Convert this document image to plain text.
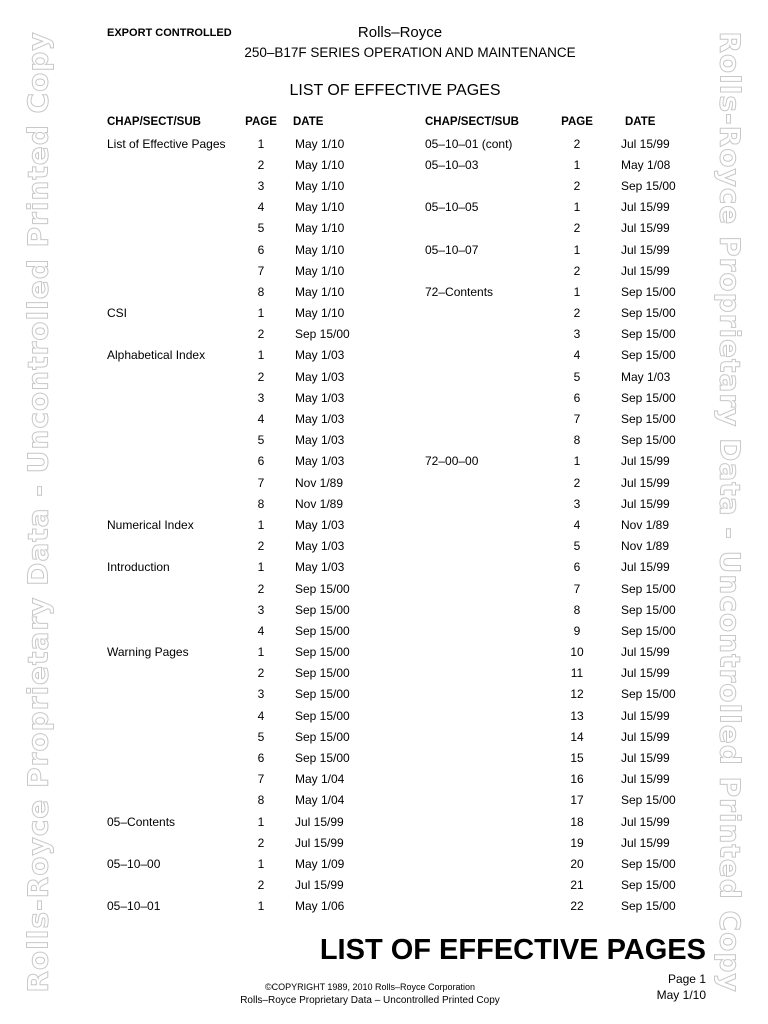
Rolls-Royce Proprietary Data - Uncontrolled Printed Copy	Rolls-Royce Proprietary Data - Uncontrolled Printed Copy
EXPORT CONTROLLED	Rolls–Royce
250–B17F SERIES OPERATION AND MAINTENANCE
LIST OF EFFECTIVE PAGES
CHAP/SECT/SUB	PAGE	DATE
List of Effective Pages	1	May 1/10
	2	May 1/10
	3	May 1/10
	4	May 1/10
	5	May 1/10
	6	May 1/10
	7	May 1/10
	8	May 1/10
CSI	1	May 1/10
	2	Sep 15/00
Alphabetical Index	1	May 1/03
	2	May 1/03
	3	May 1/03
	4	May 1/03
	5	May 1/03
	6	May 1/03
	7	Nov 1/89
	8	Nov 1/89
Numerical Index	1	May 1/03
	2	May 1/03
Introduction	1	May 1/03
	2	Sep 15/00
	3	Sep 15/00
	4	Sep 15/00
Warning Pages	1	Sep 15/00
	2	Sep 15/00
	3	Sep 15/00
	4	Sep 15/00
	5	Sep 15/00
	6	Sep 15/00
	7	May 1/04
	8	May 1/04
05–Contents	1	Jul 15/99
	2	Jul 15/99
05–10–00	1	May 1/09
	2	Jul 15/99
05–10–01	1	May 1/06
CHAP/SECT/SUB	PAGE	DATE
05–10–01 (cont)	2	Jul 15/99
05–10–03	1	May 1/08
	2	Sep 15/00
05–10–05	1	Jul 15/99
	2	Jul 15/99
05–10–07	1	Jul 15/99
	2	Jul 15/99
72–Contents	1	Sep 15/00
	2	Sep 15/00
	3	Sep 15/00
	4	Sep 15/00
	5	May 1/03
	6	Sep 15/00
	7	Sep 15/00
	8	Sep 15/00
72–00–00	1	Jul 15/99
	2	Jul 15/99
	3	Jul 15/99
	4	Nov 1/89
	5	Nov 1/89
	6	Jul 15/99
	7	Sep 15/00
	8	Sep 15/00
	9	Sep 15/00
	10	Jul 15/99
	11	Jul 15/99
	12	Sep 15/00
	13	Jul 15/99
	14	Jul 15/99
	15	Jul 15/99
	16	Jul 15/99
	17	Sep 15/00
	18	Jul 15/99
	19	Jul 15/99
	20	Sep 15/00
	21	Sep 15/00
	22	Sep 15/00
LIST OF EFFECTIVE PAGES
Page 1
©COPYRIGHT 1989, 2010 Rolls–Royce Corporation
May 1/10
Rolls–Royce Proprietary Data – Uncontrolled Printed Copy
